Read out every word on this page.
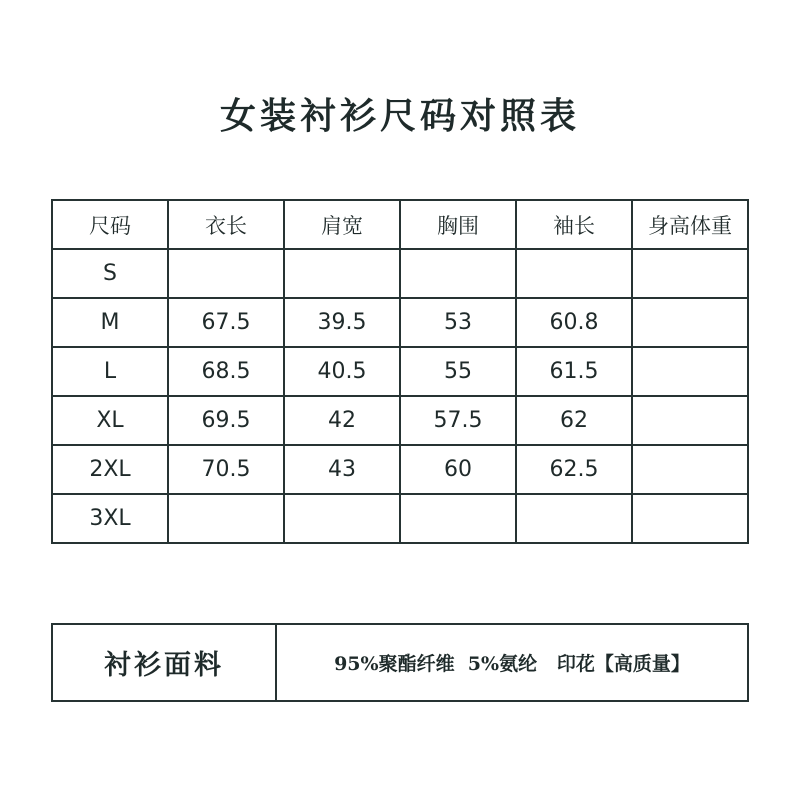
女装衬衫尺码对照表
尺码	衣长	肩宽	胸围	袖长	身高体重
S					
M	67.5	39.5	53	60.8	
L	68.5	40.5	55	61.5	
XL	69.5	42	57.5	62	
2XL	70.5	43	60	62.5	
3XL					
衬衫面料	95%聚酯纤维  5%氨纶   印花【高质量】
